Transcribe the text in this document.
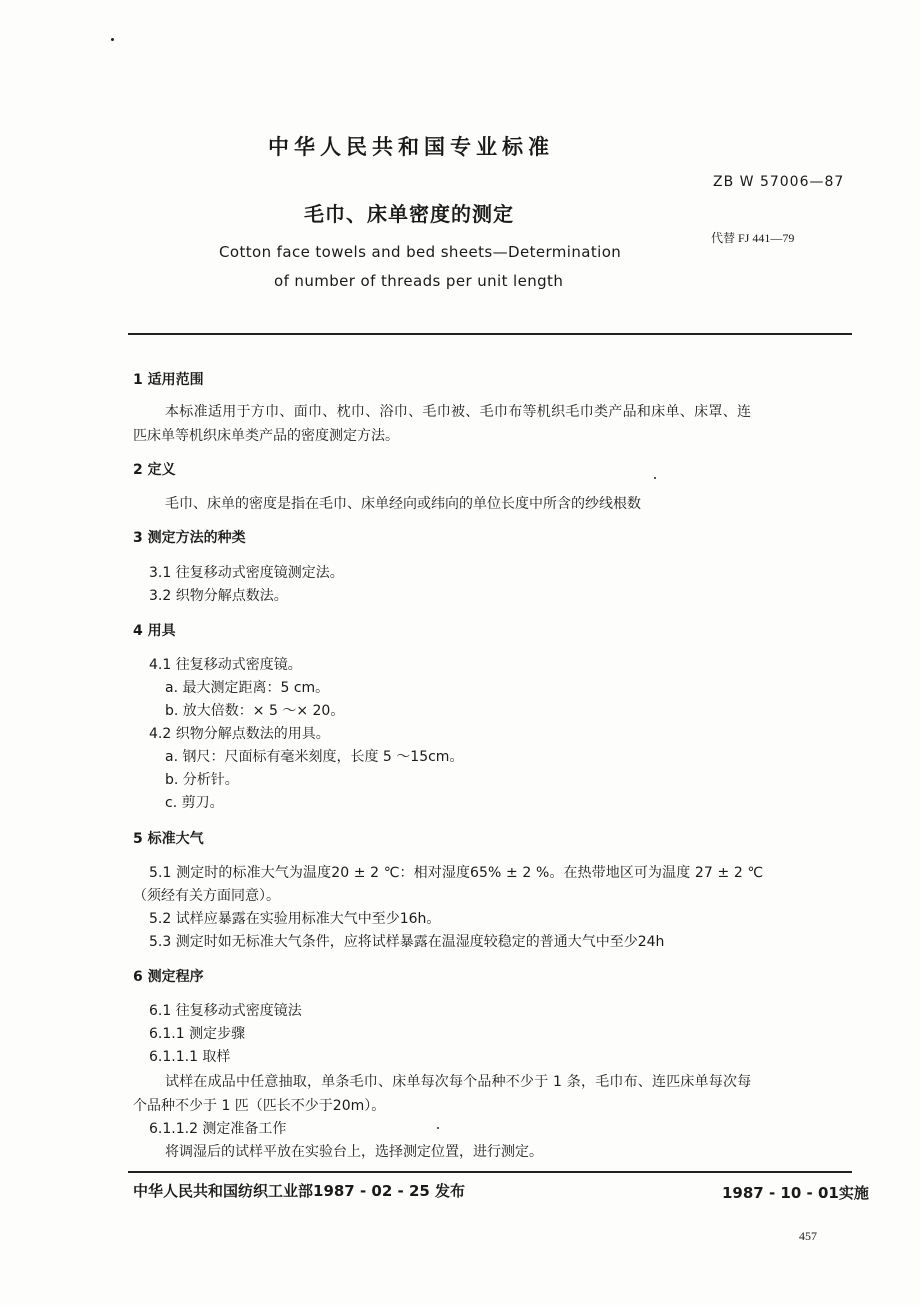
中华人民共和国专业标准
ZB W 57006—87
毛巾、床单密度的测定
代替 FJ 441—79
Cotton face towels and bed sheets—Determination
of number of threads per unit length
1 适用范围
本标准适用于方巾、面巾、枕巾、浴巾、毛巾被、毛巾布等机织毛巾类产品和床单、床罩、连
匹床单等机织床单类产品的密度测定方法。
2 定义
毛巾、床单的密度是指在毛巾、床单经向或纬向的单位长度中所含的纱线根数
3 测定方法的种类
3.1 往复移动式密度镜测定法。
3.2 织物分解点数法。
4 用具
4.1 往复移动式密度镜。
a. 最大测定距离：5 cm。
b. 放大倍数：× 5 ～× 20。
4.2 织物分解点数法的用具。
a. 钢尺：尺面标有毫米刻度，长度 5 ～15cm。
b. 分析针。
c. 剪刀。
5 标准大气
5.1 测定时的标准大气为温度20 ± 2 ℃：相对湿度65% ± 2 %。在热带地区可为温度 27 ± 2 ℃
（须经有关方面同意）。
5.2 试样应暴露在实验用标准大气中至少16h。
5.3 测定时如无标准大气条件，应将试样暴露在温湿度较稳定的普通大气中至少24h
6 测定程序
6.1 往复移动式密度镜法
6.1.1 测定步骤
6.1.1.1 取样
试样在成品中任意抽取，单条毛巾、床单每次每个品种不少于 1 条，毛巾布、连匹床单每次每
个品种不少于 1 匹（匹长不少于20m）。
6.1.1.2 测定准备工作
将调湿后的试样平放在实验台上，选择测定位置，进行测定。
中华人民共和国纺织工业部1987 - 02 - 25 发布	1987 - 10 - 01实施
457
